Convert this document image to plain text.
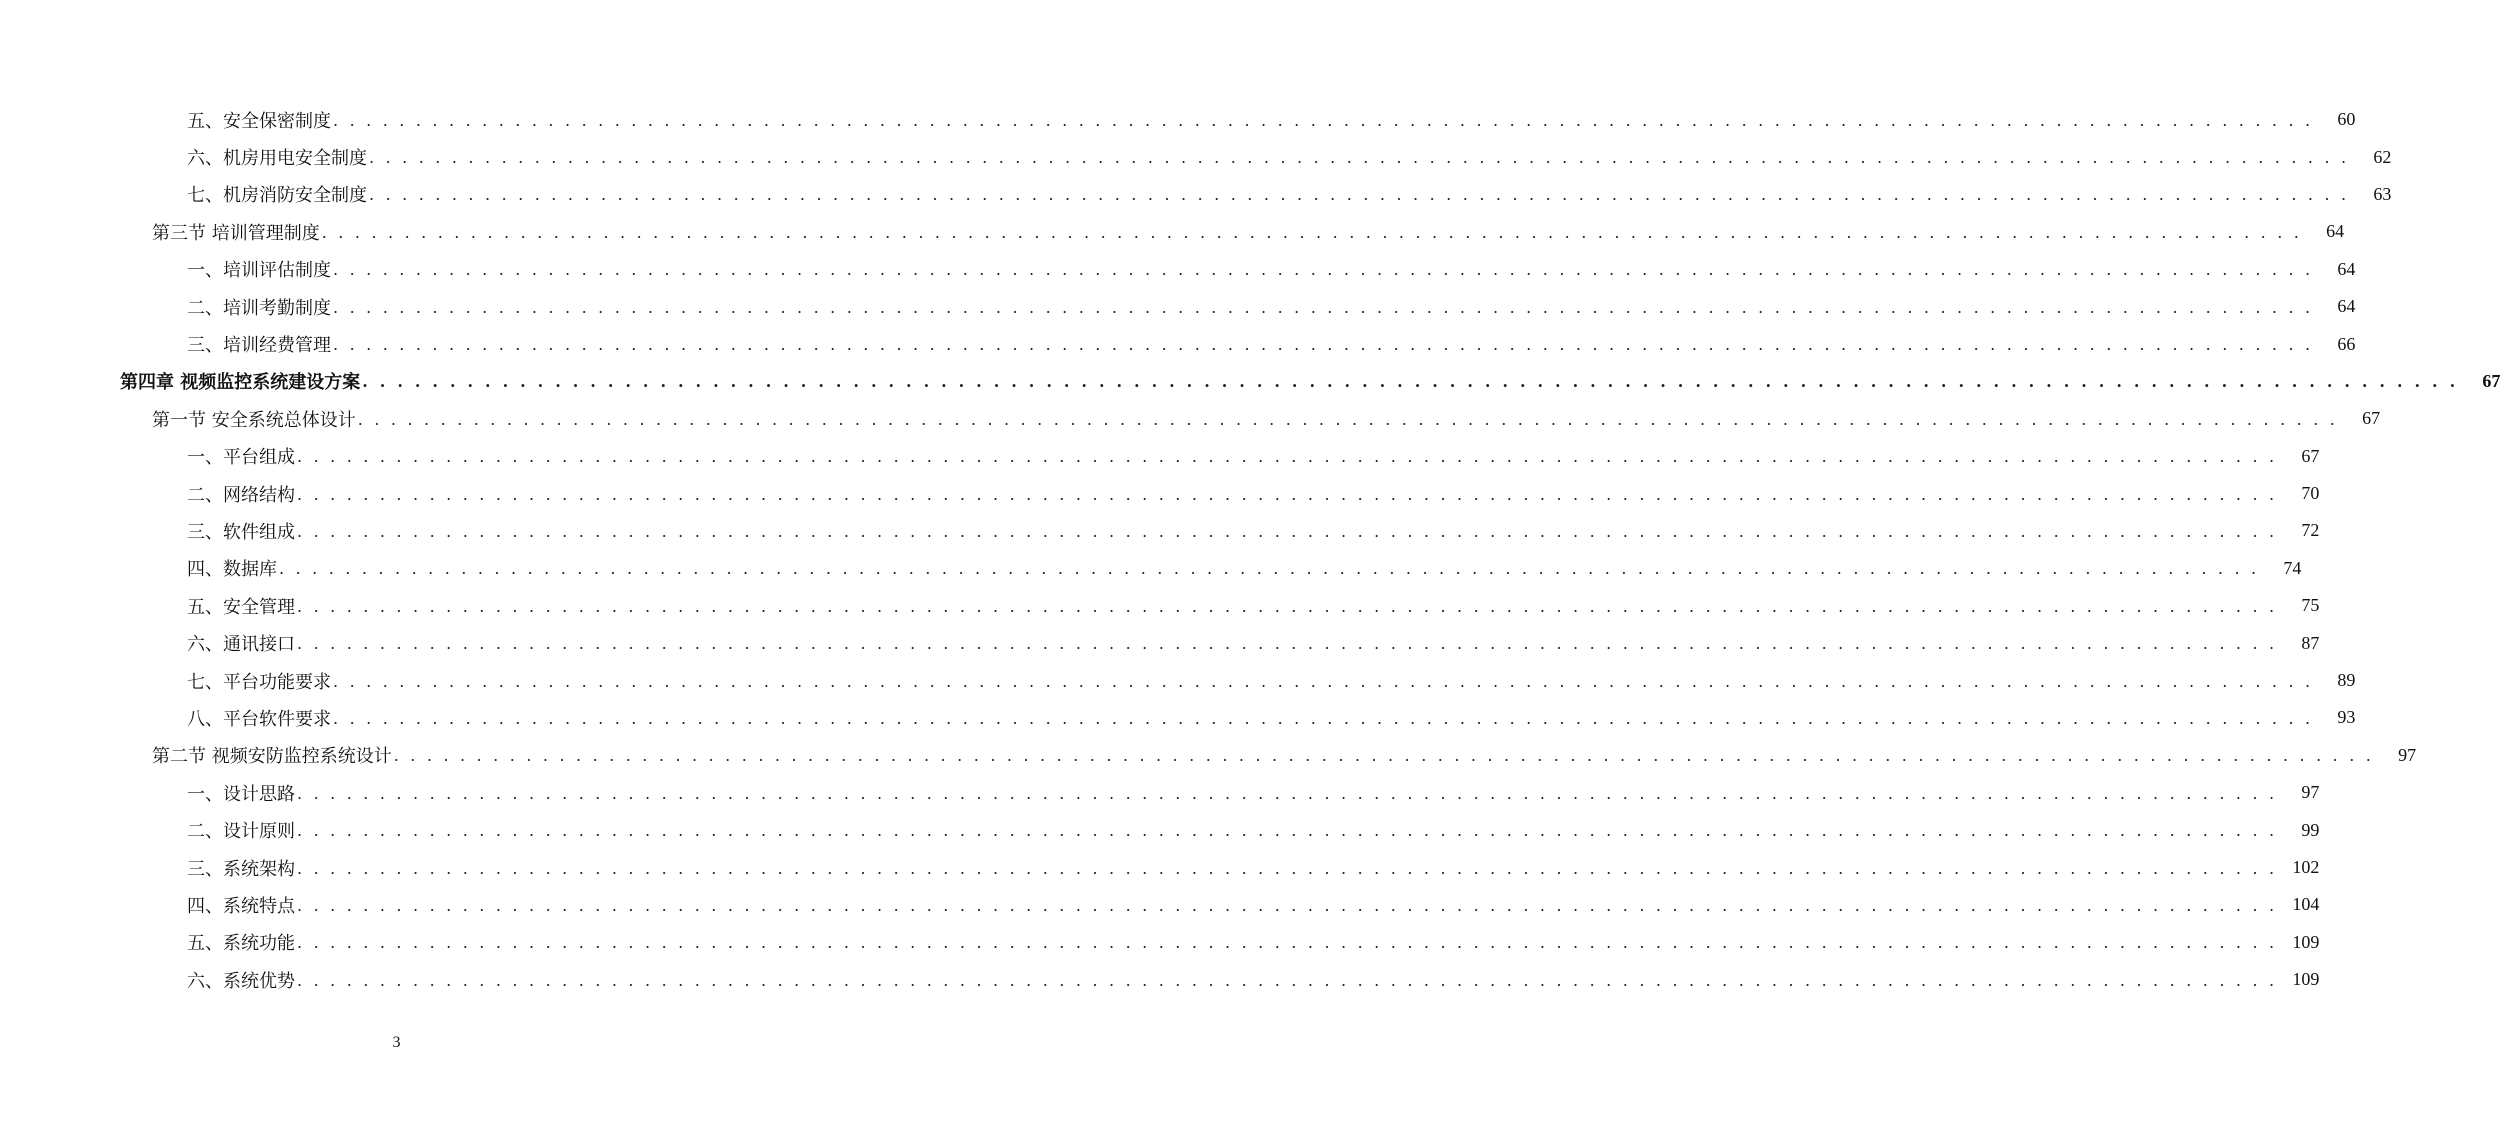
五、安全保密制度 . . . . . . . . . . . . . . . . . . . . . . . . . . . . . . . . . . . . . . . . . . . . . . . . . . . . . . . . . . . . . . . . . . . . . . . . . . . . . . . . . . . . . . . . . . . . . . . . . . . . . . . . . . . . . . . . . . . . . . . .	60
六、机房用电安全制度 . . . . . . . . . . . . . . . . . . . . . . . . . . . . . . . . . . . . . . . . . . . . . . . . . . . . . . . . . . . . . . . . . . . . . . . . . . . . . . . . . . . . . . . . . . . . . . . . . . . . . . . . . . . . . . . . . . . . . . . .	62
七、机房消防安全制度 . . . . . . . . . . . . . . . . . . . . . . . . . . . . . . . . . . . . . . . . . . . . . . . . . . . . . . . . . . . . . . . . . . . . . . . . . . . . . . . . . . . . . . . . . . . . . . . . . . . . . . . . . . . . . . . . . . . . . . . .	63
第三节 培训管理制度 . . . . . . . . . . . . . . . . . . . . . . . . . . . . . . . . . . . . . . . . . . . . . . . . . . . . . . . . . . . . . . . . . . . . . . . . . . . . . . . . . . . . . . . . . . . . . . . . . . . . . . . . . . . . . . . . . . . . . . . .	64
一、培训评估制度 . . . . . . . . . . . . . . . . . . . . . . . . . . . . . . . . . . . . . . . . . . . . . . . . . . . . . . . . . . . . . . . . . . . . . . . . . . . . . . . . . . . . . . . . . . . . . . . . . . . . . . . . . . . . . . . . . . . . . . . .	64
二、培训考勤制度 . . . . . . . . . . . . . . . . . . . . . . . . . . . . . . . . . . . . . . . . . . . . . . . . . . . . . . . . . . . . . . . . . . . . . . . . . . . . . . . . . . . . . . . . . . . . . . . . . . . . . . . . . . . . . . . . . . . . . . . .	64
三、培训经费管理 . . . . . . . . . . . . . . . . . . . . . . . . . . . . . . . . . . . . . . . . . . . . . . . . . . . . . . . . . . . . . . . . . . . . . . . . . . . . . . . . . . . . . . . . . . . . . . . . . . . . . . . . . . . . . . . . . . . . . . . .	66
第四章 视频监控系统建设方案 . . . . . . . . . . . . . . . . . . . . . . . . . . . . . . . . . . . . . . . . . . . . . . . . . . . . . . . . . . . . . . . . . . . . . . . . . . . . . . . . . . . . . . . . . . . . . . . . . . . . . . . . . . . . . . . . . . . . . . . .	67
第一节 安全系统总体设计 . . . . . . . . . . . . . . . . . . . . . . . . . . . . . . . . . . . . . . . . . . . . . . . . . . . . . . . . . . . . . . . . . . . . . . . . . . . . . . . . . . . . . . . . . . . . . . . . . . . . . . . . . . . . . . . . . . . . . . . .	67
一、平台组成 . . . . . . . . . . . . . . . . . . . . . . . . . . . . . . . . . . . . . . . . . . . . . . . . . . . . . . . . . . . . . . . . . . . . . . . . . . . . . . . . . . . . . . . . . . . . . . . . . . . . . . . . . . . . . . . . . . . . . . . .	67
二、网络结构 . . . . . . . . . . . . . . . . . . . . . . . . . . . . . . . . . . . . . . . . . . . . . . . . . . . . . . . . . . . . . . . . . . . . . . . . . . . . . . . . . . . . . . . . . . . . . . . . . . . . . . . . . . . . . . . . . . . . . . . .	70
三、软件组成 . . . . . . . . . . . . . . . . . . . . . . . . . . . . . . . . . . . . . . . . . . . . . . . . . . . . . . . . . . . . . . . . . . . . . . . . . . . . . . . . . . . . . . . . . . . . . . . . . . . . . . . . . . . . . . . . . . . . . . . .	72
四、数据库 . . . . . . . . . . . . . . . . . . . . . . . . . . . . . . . . . . . . . . . . . . . . . . . . . . . . . . . . . . . . . . . . . . . . . . . . . . . . . . . . . . . . . . . . . . . . . . . . . . . . . . . . . . . . . . . . . . . . . . . .	74
五、安全管理 . . . . . . . . . . . . . . . . . . . . . . . . . . . . . . . . . . . . . . . . . . . . . . . . . . . . . . . . . . . . . . . . . . . . . . . . . . . . . . . . . . . . . . . . . . . . . . . . . . . . . . . . . . . . . . . . . . . . . . . .	75
六、通讯接口 . . . . . . . . . . . . . . . . . . . . . . . . . . . . . . . . . . . . . . . . . . . . . . . . . . . . . . . . . . . . . . . . . . . . . . . . . . . . . . . . . . . . . . . . . . . . . . . . . . . . . . . . . . . . . . . . . . . . . . . .	87
七、平台功能要求 . . . . . . . . . . . . . . . . . . . . . . . . . . . . . . . . . . . . . . . . . . . . . . . . . . . . . . . . . . . . . . . . . . . . . . . . . . . . . . . . . . . . . . . . . . . . . . . . . . . . . . . . . . . . . . . . . . . . . . . .	89
八、平台软件要求 . . . . . . . . . . . . . . . . . . . . . . . . . . . . . . . . . . . . . . . . . . . . . . . . . . . . . . . . . . . . . . . . . . . . . . . . . . . . . . . . . . . . . . . . . . . . . . . . . . . . . . . . . . . . . . . . . . . . . . . .	93
第二节 视频安防监控系统设计 . . . . . . . . . . . . . . . . . . . . . . . . . . . . . . . . . . . . . . . . . . . . . . . . . . . . . . . . . . . . . . . . . . . . . . . . . . . . . . . . . . . . . . . . . . . . . . . . . . . . . . . . . . . . . . . . . . . . . . . .	97
一、设计思路 . . . . . . . . . . . . . . . . . . . . . . . . . . . . . . . . . . . . . . . . . . . . . . . . . . . . . . . . . . . . . . . . . . . . . . . . . . . . . . . . . . . . . . . . . . . . . . . . . . . . . . . . . . . . . . . . . . . . . . . .	97
二、设计原则 . . . . . . . . . . . . . . . . . . . . . . . . . . . . . . . . . . . . . . . . . . . . . . . . . . . . . . . . . . . . . . . . . . . . . . . . . . . . . . . . . . . . . . . . . . . . . . . . . . . . . . . . . . . . . . . . . . . . . . . .	99
三、系统架构 . . . . . . . . . . . . . . . . . . . . . . . . . . . . . . . . . . . . . . . . . . . . . . . . . . . . . . . . . . . . . . . . . . . . . . . . . . . . . . . . . . . . . . . . . . . . . . . . . . . . . . . . . . . . . . . . . . . . . . . . 102
四、系统特点 . . . . . . . . . . . . . . . . . . . . . . . . . . . . . . . . . . . . . . . . . . . . . . . . . . . . . . . . . . . . . . . . . . . . . . . . . . . . . . . . . . . . . . . . . . . . . . . . . . . . . . . . . . . . . . . . . . . . . . . . 104
五、系统功能 . . . . . . . . . . . . . . . . . . . . . . . . . . . . . . . . . . . . . . . . . . . . . . . . . . . . . . . . . . . . . . . . . . . . . . . . . . . . . . . . . . . . . . . . . . . . . . . . . . . . . . . . . . . . . . . . . . . . . . . . 109
六、系统优势 . . . . . . . . . . . . . . . . . . . . . . . . . . . . . . . . . . . . . . . . . . . . . . . . . . . . . . . . . . . . . . . . . . . . . . . . . . . . . . . . . . . . . . . . . . . . . . . . . . . . . . . . . . . . . . . . . . . . . . . . 109
3
